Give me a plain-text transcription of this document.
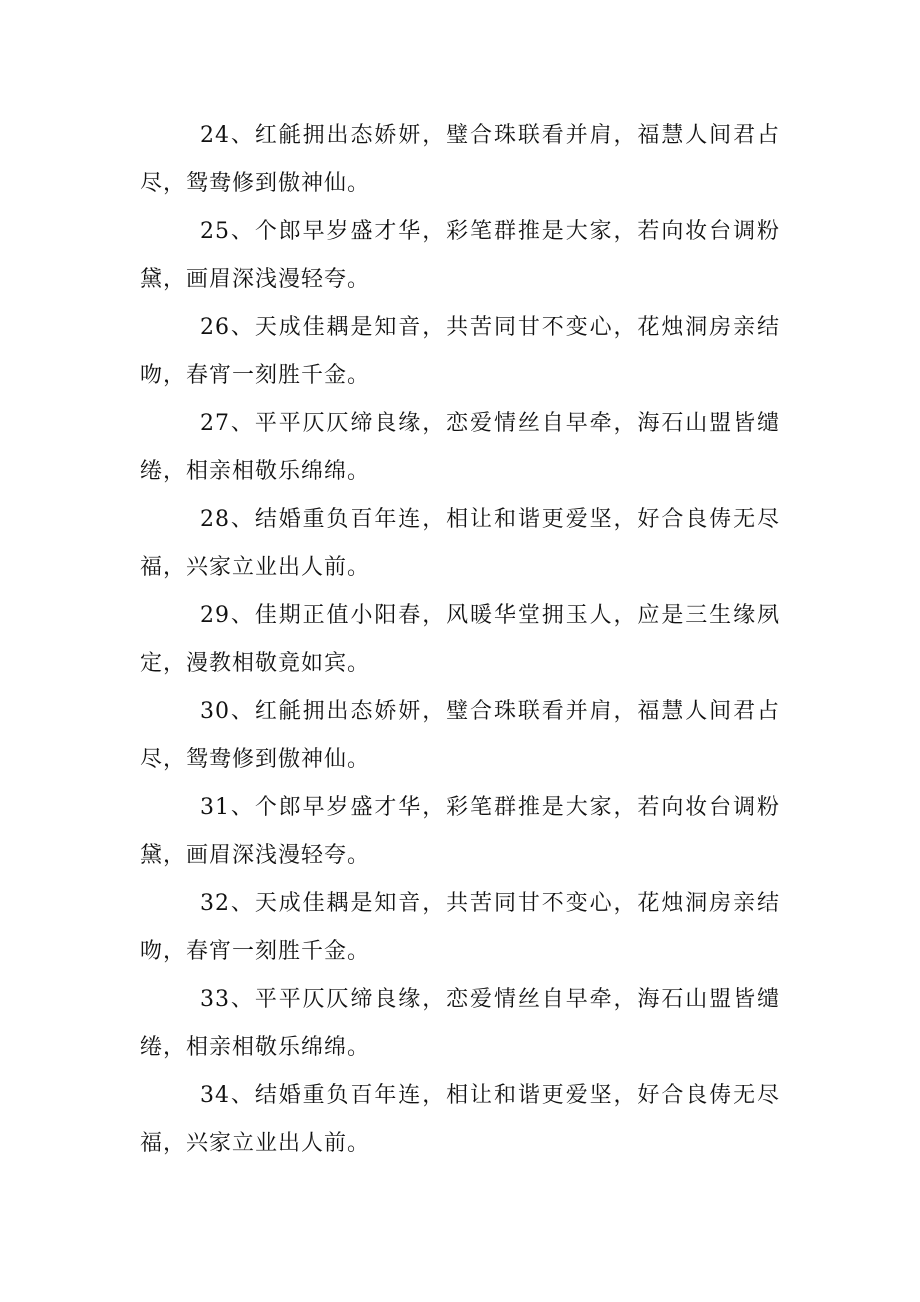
24、红毹拥出态娇妍，璧合珠联看并肩，福慧人间君占尽，鸳鸯修到傲神仙。

25、个郎早岁盛才华，彩笔群推是大家，若向妆台调粉黛，画眉深浅漫轻夸。

26、天成佳耦是知音，共苦同甘不变心，花烛洞房亲结吻，春宵一刻胜千金。

27、平平仄仄缔良缘，恋爱情丝自早牵，海石山盟皆缱绻，相亲相敬乐绵绵。

28、结婚重负百年连，相让和谐更爱坚，好合良俦无尽福，兴家立业出人前。

29、佳期正值小阳春，风暖华堂拥玉人，应是三生缘夙定，漫教相敬竟如宾。

30、红毹拥出态娇妍，璧合珠联看并肩，福慧人间君占尽，鸳鸯修到傲神仙。

31、个郎早岁盛才华，彩笔群推是大家，若向妆台调粉黛，画眉深浅漫轻夸。

32、天成佳耦是知音，共苦同甘不变心，花烛洞房亲结吻，春宵一刻胜千金。

33、平平仄仄缔良缘，恋爱情丝自早牵，海石山盟皆缱绻，相亲相敬乐绵绵。

34、结婚重负百年连，相让和谐更爱坚，好合良俦无尽福，兴家立业出人前。
